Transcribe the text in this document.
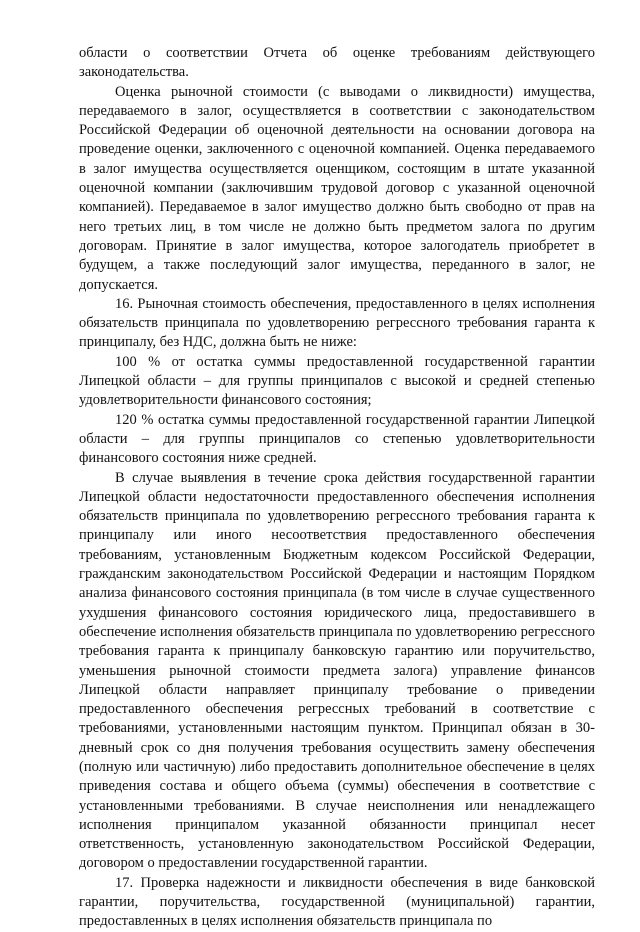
области о соответствии Отчета об оценке требованиям действующего законодательства.

Оценка рыночной стоимости (с выводами о ликвидности) имущества, передаваемого в залог, осуществляется в соответствии с законодательством Российской Федерации об оценочной деятельности на основании договора на проведение оценки, заключенного с оценочной компанией. Оценка передаваемого в залог имущества осуществляется оценщиком, состоящим в штате указанной оценочной компании (заключившим трудовой договор с указанной оценочной компанией). Передаваемое в залог имущество должно быть свободно от прав на него третьих лиц, в том числе не должно быть предметом залога по другим договорам. Принятие в залог имущества, которое залогодатель приобретет в будущем, а также последующий залог имущества, переданного в залог, не допускается.

16. Рыночная стоимость обеспечения, предоставленного в целях исполнения обязательств принципала по удовлетворению регрессного требования гаранта к принципалу, без НДС, должна быть не ниже:

100 % от остатка суммы предоставленной государственной гарантии Липецкой области – для группы принципалов с высокой и средней степенью удовлетворительности финансового состояния;

120 % остатка суммы предоставленной государственной гарантии Липецкой области – для группы принципалов со степенью удовлетворительности финансового состояния ниже средней.

В случае выявления в течение срока действия государственной гарантии Липецкой области недостаточности предоставленного обеспечения исполнения обязательств принципала по удовлетворению регрессного требования гаранта к принципалу или иного несоответствия предоставленного обеспечения требованиям, установленным Бюджетным кодексом Российской Федерации, гражданским законодательством Российской Федерации и настоящим Порядком анализа финансового состояния принципала (в том числе в случае существенного ухудшения финансового состояния юридического лица, предоставившего в обеспечение исполнения обязательств принципала по удовлетворению регрессного требования гаранта к принципалу банковскую гарантию или поручительство, уменьшения рыночной стоимости предмета залога) управление финансов Липецкой области направляет принципалу требование о приведении предоставленного обеспечения регрессных требований в соответствие с требованиями, установленными настоящим пунктом. Принципал обязан в 30-дневный срок со дня получения требования осуществить замену обеспечения (полную или частичную) либо предоставить дополнительное обеспечение в целях приведения состава и общего объема (суммы) обеспечения в соответствие с установленными требованиями. В случае неисполнения или ненадлежащего исполнения принципалом указанной обязанности принципал несет ответственность, установленную законодательством Российской Федерации, договором о предоставлении государственной гарантии.

17. Проверка надежности и ликвидности обеспечения в виде банковской гарантии, поручительства, государственной (муниципальной) гарантии, предоставленных в целях исполнения обязательств принципала по
